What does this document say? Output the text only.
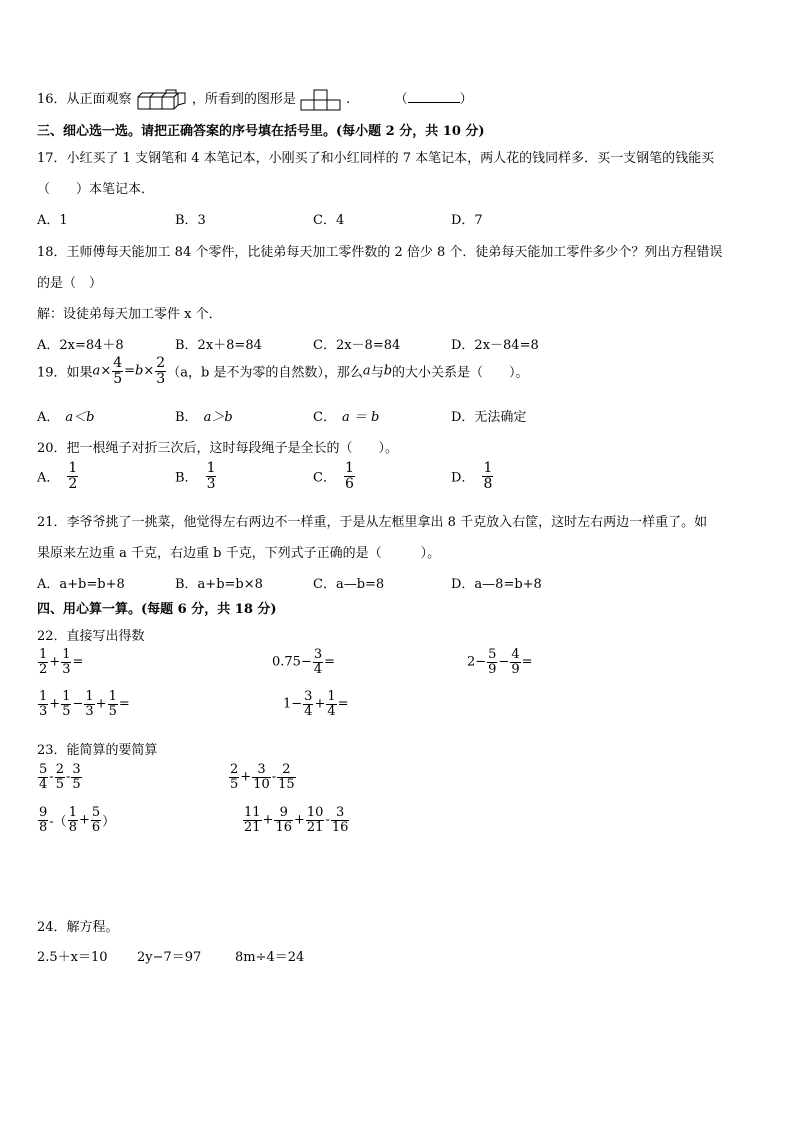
16．从正面观察	，所看到的图形是	.	（	）
三、细心选一选。请把正确答案的序号填在括号里。(每小题 2 分，共 10 分)
17．小红买了 1 支钢笔和 4 本笔记本，小刚买了和小红同样的 7 本笔记本，两人花的钱同样多．买一支钢笔的钱能买
（　　）本笔记本．
A．1	B．3	C．4	D．7
18．王师傅每天能加工 84 个零件，比徒弟每天加工零件数的 2 倍少 8 个．徒弟每天能加工零件多少个？列出方程错误
的是（　）
解：设徒弟每天加工零件 x 个．
A．2x=84＋8	B．2x＋8=84	C．2x－8=84	D．2x－84=8
19．如果$a\times \frac{4}{5} =b\times \frac{2}{3} (a$，b 是不为零的自然数），那么a与b的大小关系是（　　）。
A． a＜b	B． a＞b	C． a ＝ b	D．无法确定
20．把一根绳子对折三次后，这时每段绳子是全长的（　　）。
A． $\frac{1}{2}$	B． $\frac{1}{3}$	C． $\frac{1}{6}$	D． $\frac{1}{8}$
21．李爷爷挑了一挑菜，他觉得左右两边不一样重，于是从左框里拿出 8 千克放入右筐，这时左右两边一样重了。如
果原来左边重 a 千克，右边重 b 千克，下列式子正确的是（　　　）。
A．a+b=b+8	B．a+b=b×8	C．a—b=8	D．a—8=b+8
四、用心算一算。(每题 6 分，共 18 分)
22．直接写出得数
$\frac{1}{2} + \frac{1}{3}$ =	$0.75- \frac{3}{4}$ =	$2- \frac{5}{9} - \frac{4}{9}$ =
$\frac{1}{3} + \frac{1}{5} - \frac{1}{3} + \frac{1}{5}$ =	$1- \frac{3}{4} + \frac{1}{4}$ =
23．能简算的要简算
$\frac{5}{4} - \frac{2}{5} - \frac{3}{5}$	$\frac{2}{5} + \frac{3}{10} - \frac{2}{15}$
$\frac{9}{8}$ -（ $\frac{1}{8} + \frac{5}{6}$ ）	$\frac{11}{21} + \frac{9}{16} + \frac{10}{21} - \frac{3}{16}$
24．解方程。
2.5＋x＝10 2y−7＝97	8m÷4＝24
